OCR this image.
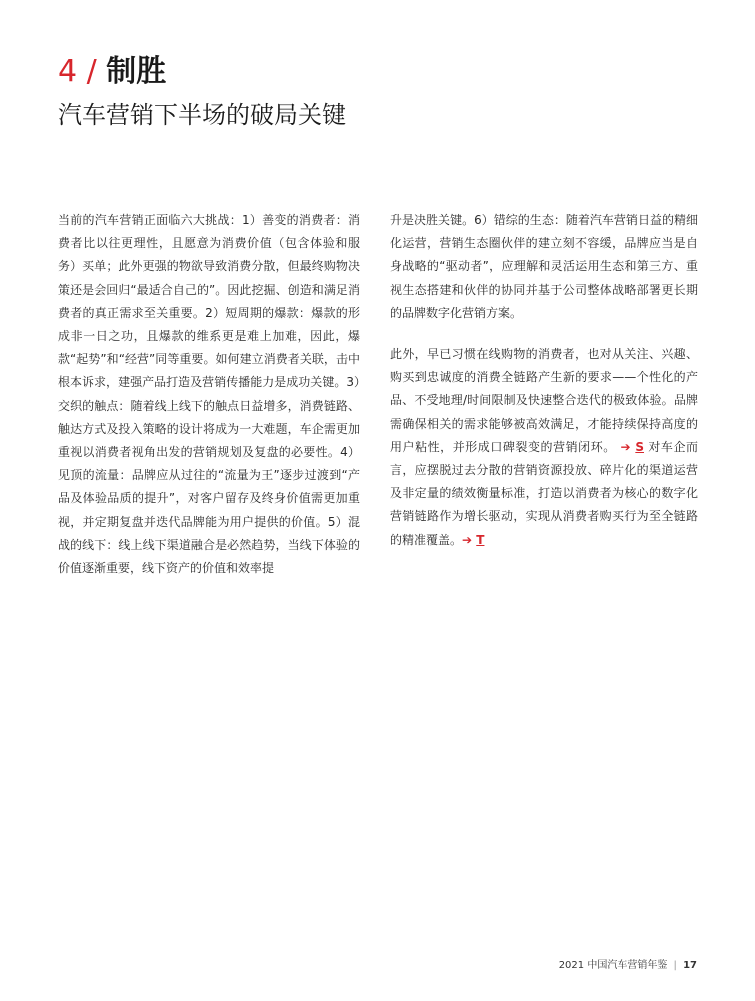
4 / 制胜
汽车营销下半场的破局关键

当前的汽车营销正面临六大挑战：1）善变的消费者：消费者比以往更理性，且愿意为消费价值（包含体验和服务）买单；此外更强的物欲导致消费分散，但最终购物决策还是会回归“最适合自己的”。因此挖掘、创造和满足消费者的真正需求至关重要。2）短周期的爆款：爆款的形成非一日之功，且爆款的维系更是难上加难，因此，爆款“起势”和“经营”同等重要。如何建立消费者关联，击中根本诉求，建强产品打造及营销传播能力是成功关键。3）交织的触点：随着线上线下的触点日益增多，消费链路、触达方式及投入策略的设计将成为一大难题，车企需更加重视以消费者视角出发的营销规划及复盘的必要性。4）见顶的流量：品牌应从过往的“流量为王”逐步过渡到“产品及体验品质的提升”，对客户留存及终身价值需更加重视，并定期复盘并迭代品牌能为用户提供的价值。5）混战的线下：线上线下渠道融合是必然趋势，当线下体验的价值逐渐重要，线下资产的价值和效率提

升是决胜关键。6）错综的生态：随着汽车营销日益的精细化运营，营销生态圈伙伴的建立刻不容缓，品牌应当是自身战略的“驱动者”，应理解和灵活运用生态和第三方、重视生态搭建和伙伴的协同并基于公司整体战略部署更长期的品牌数字化营销方案。

此外，早已习惯在线购物的消费者，也对从关注、兴趣、购买到忠诚度的消费全链路产生新的要求——个性化的产品、不受地理/时间限制及快速整合迭代的极致体验。品牌需确保相关的需求能够被高效满足，才能持续保持高度的用户粘性，并形成口碑裂变的营销闭环。 ➔ S 对车企而言，应摆脱过去分散的营销资源投放、碎片化的渠道运营及非定量的绩效衡量标准，打造以消费者为核心的数字化营销链路作为增长驱动，实现从消费者购买行为至全链路的精准覆盖。➔ T

2021 中国汽车营销年鉴 | 17
